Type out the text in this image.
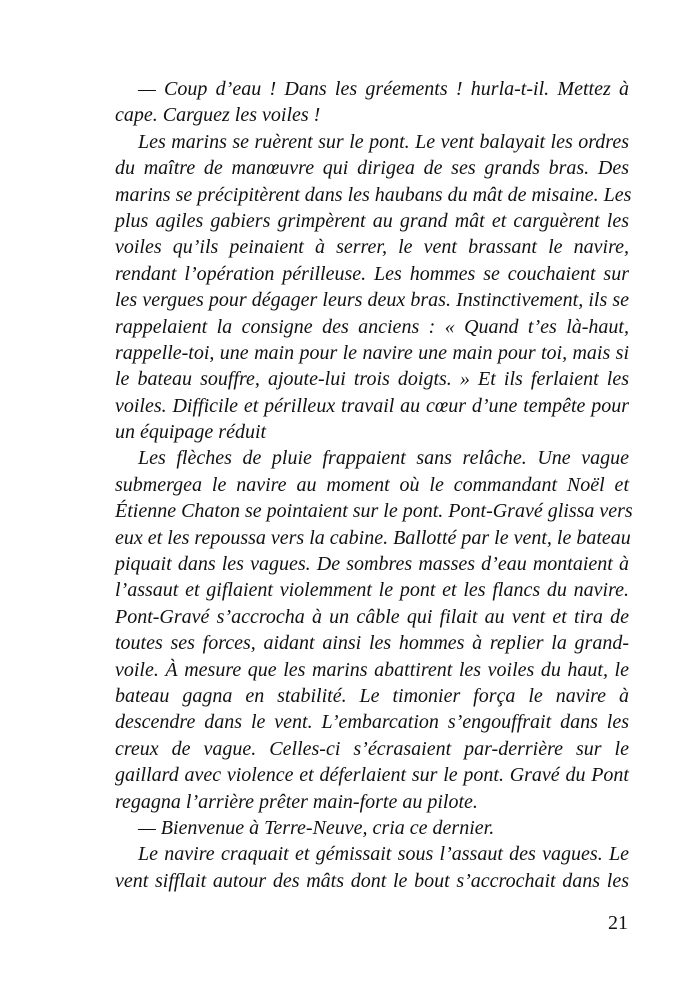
— Coup d’eau ! Dans les gréements ! hurla-t-il. Mettez à
cape. Carguez les voiles !
Les marins se ruèrent sur le pont. Le vent balayait les ordres
du maître de manœuvre qui dirigea de ses grands bras. Des
marins se précipitèrent dans les haubans du mât de misaine. Les
plus agiles gabiers grimpèrent au grand mât et carguèrent les
voiles qu’ils peinaient à serrer, le vent brassant le navire,
rendant l’opération périlleuse. Les hommes se couchaient sur
les vergues pour dégager leurs deux bras. Instinctivement, ils se
rappelaient la consigne des anciens : « Quand t’es là-haut,
rappelle-toi, une main pour le navire une main pour toi, mais si
le bateau souffre, ajoute-lui trois doigts. » Et ils ferlaient les
voiles. Difficile et périlleux travail au cœur d’une tempête pour
un équipage réduit
Les flèches de pluie frappaient sans relâche. Une vague
submergea le navire au moment où le commandant Noël et
Étienne Chaton se pointaient sur le pont. Pont-Gravé glissa vers
eux et les repoussa vers la cabine. Ballotté par le vent, le bateau
piquait dans les vagues. De sombres masses d’eau montaient à
l’assaut et giflaient violemment le pont et les flancs du navire.
Pont-Gravé s’accrocha à un câble qui filait au vent et tira de
toutes ses forces, aidant ainsi les hommes à replier la grand-
voile. À mesure que les marins abattirent les voiles du haut, le
bateau gagna en stabilité. Le timonier força le navire à
descendre dans le vent. L’embarcation s’engouffrait dans les
creux de vague. Celles-ci s’écrasaient par-derrière sur le
gaillard avec violence et déferlaient sur le pont. Gravé du Pont
regagna l’arrière prêter main-forte au pilote.
— Bienvenue à Terre-Neuve, cria ce dernier.
Le navire craquait et gémissait sous l’assaut des vagues. Le
vent sifflait autour des mâts dont le bout s’accrochait dans les
21
